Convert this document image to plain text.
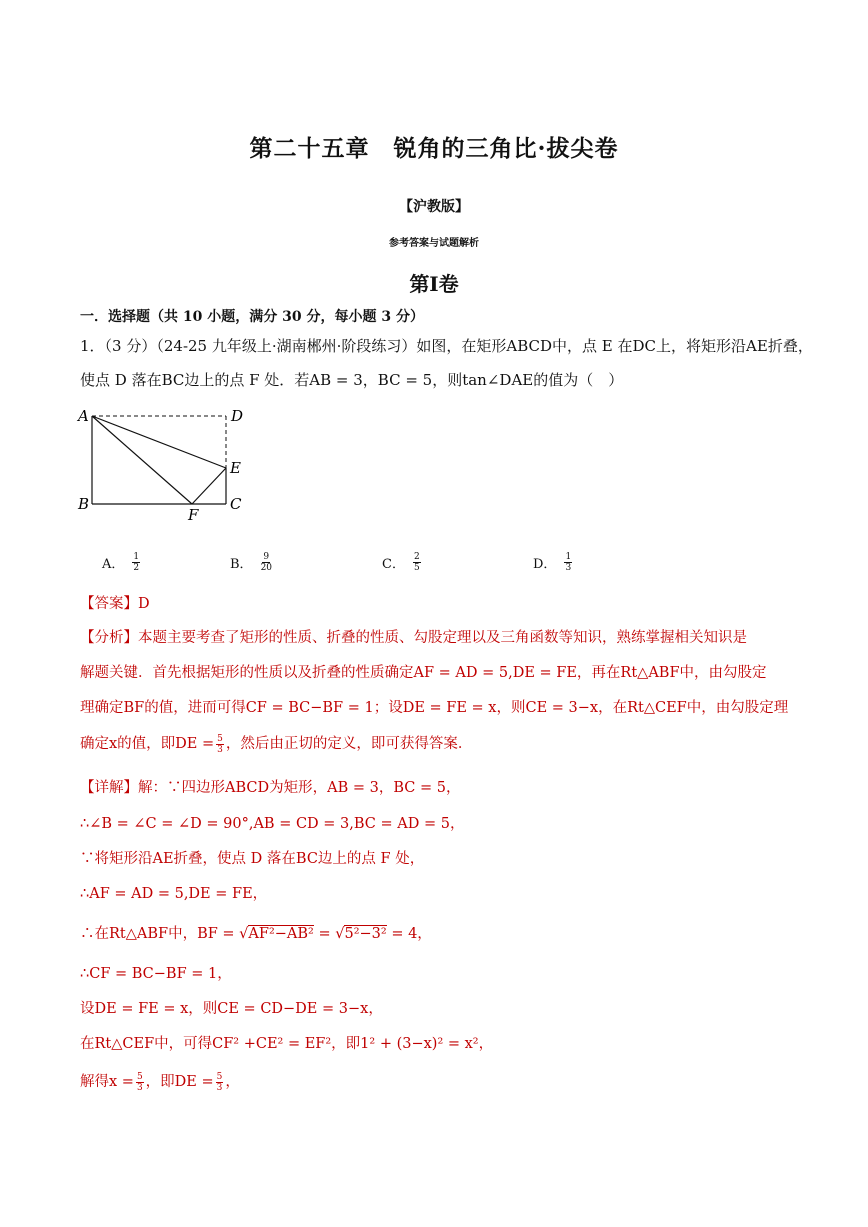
第二十五章　锐角的三角比·拔尖卷
【沪教版】
参考答案与试题解析
第Ⅰ卷
一．选择题（共 10 小题，满分 30 分，每小题 3 分）
1．（3 分）（24-25 九年级上·湖南郴州·阶段练习）如图，在矩形ABCD中，点 E 在DC上，将矩形沿AE折叠，
使点 D 落在BC边上的点 F 处．若AB = 3，BC = 5，则tan∠DAE的值为（　）
A	D
E
B	C
F
A． $\frac{1}{2}$	B． $\frac{9}{20}$	C． $\frac{2}{5}$	D． $\frac{1}{3}$
【答案】D
【分析】本题主要考查了矩形的性质、折叠的性质、勾股定理以及三角函数等知识，熟练掌握相关知识是
解题关键．首先根据矩形的性质以及折叠的性质确定AF = AD = 5,DE = FE，再在Rt△ABF中，由勾股定
理确定BF的值，进而可得CF = BC−BF = 1；设DE = FE = x，则CE = 3−x，在Rt△CEF中，由勾股定理
确定x的值，即DE = $\frac{5}{3}$ ，然后由正切的定义，即可获得答案．
【详解】解：∵四边形ABCD为矩形，AB = 3，BC = 5，
∴∠B = ∠C = ∠D = 90°,AB = CD = 3,BC = AD = 5，
∵将矩形沿AE折叠，使点 D 落在BC边上的点 F 处，
∴AF = AD = 5,DE = FE，
∴在Rt△ABF中，BF = √AF²−AB² = √5²−3² = 4，
∴CF = BC−BF = 1，
设DE = FE = x，则CE = CD−DE = 3−x，
在Rt△CEF中，可得CF² +CE² = EF²，即1² + (3−x)² = x²，
解得$x = \frac{5}{3}$ ，即DE = $\frac{5}{3}$ ，
